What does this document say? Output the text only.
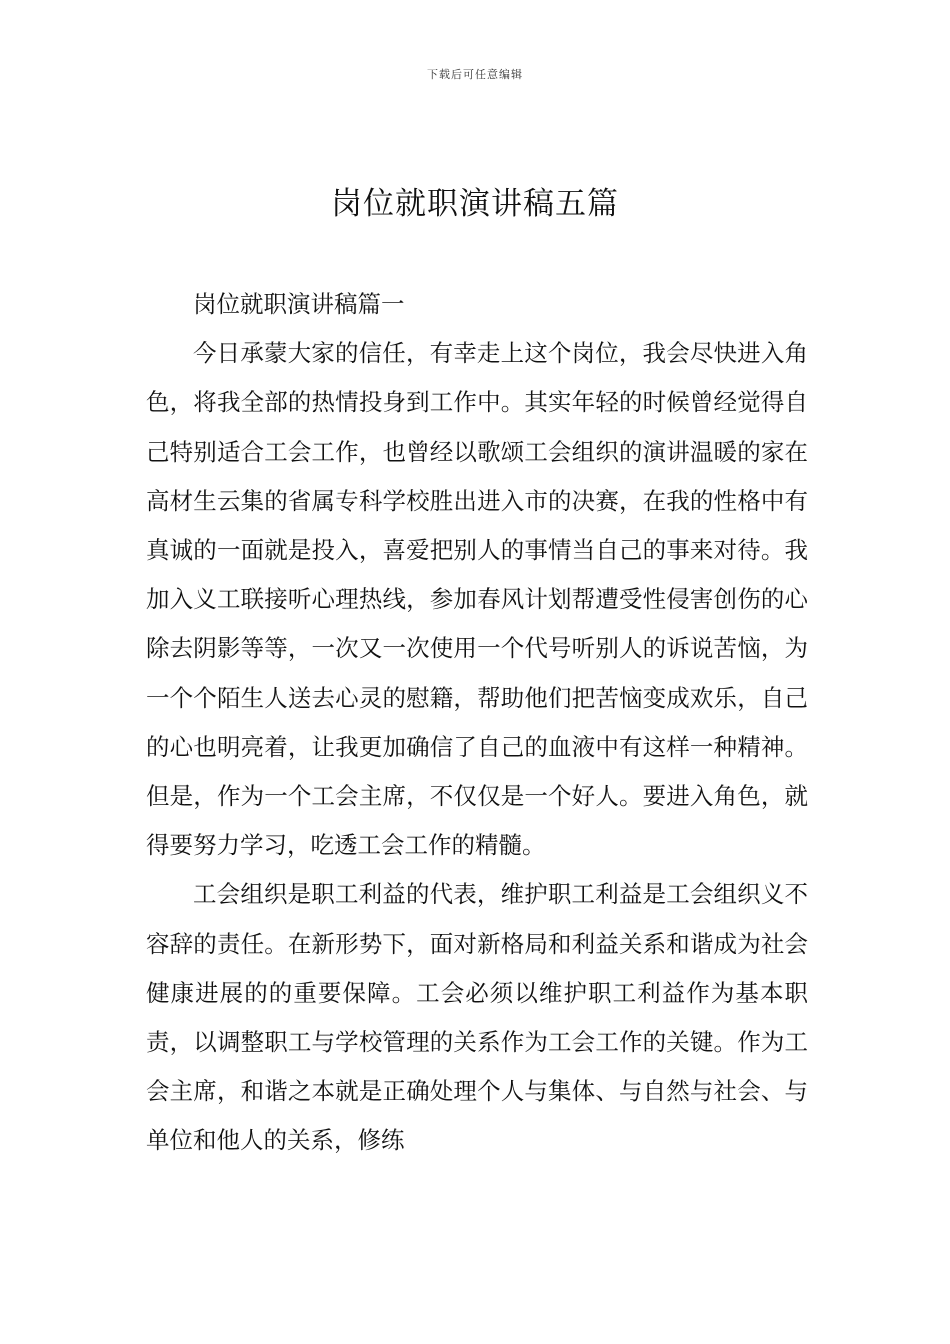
下载后可任意编辑
岗位就职演讲稿五篇

岗位就职演讲稿篇一

今日承蒙大家的信任，有幸走上这个岗位，我会尽快进入角色，将我全部的热情投身到工作中。其实年轻的时候曾经觉得自己特别适合工会工作，也曾经以歌颂工会组织的演讲温暖的家在高材生云集的省属专科学校胜出进入市的决赛，在我的性格中有真诚的一面就是投入，喜爱把别人的事情当自己的事来对待。我加入义工联接听心理热线，参加春风计划帮遭受性侵害创伤的心除去阴影等等，一次又一次使用一个代号听别人的诉说苦恼，为一个个陌生人送去心灵的慰籍，帮助他们把苦恼变成欢乐，自己的心也明亮着，让我更加确信了自己的血液中有这样一种精神。但是，作为一个工会主席，不仅仅是一个好人。要进入角色，就得要努力学习，吃透工会工作的精髓。

工会组织是职工利益的代表，维护职工利益是工会组织义不容辞的责任。在新形势下，面对新格局和利益关系和谐成为社会健康进展的的重要保障。工会必须以维护职工利益作为基本职责，以调整职工与学校管理的关系作为工会工作的关键。作为工会主席，和谐之本就是正确处理个人与集体、与自然与社会、与单位和他人的关系，修练
